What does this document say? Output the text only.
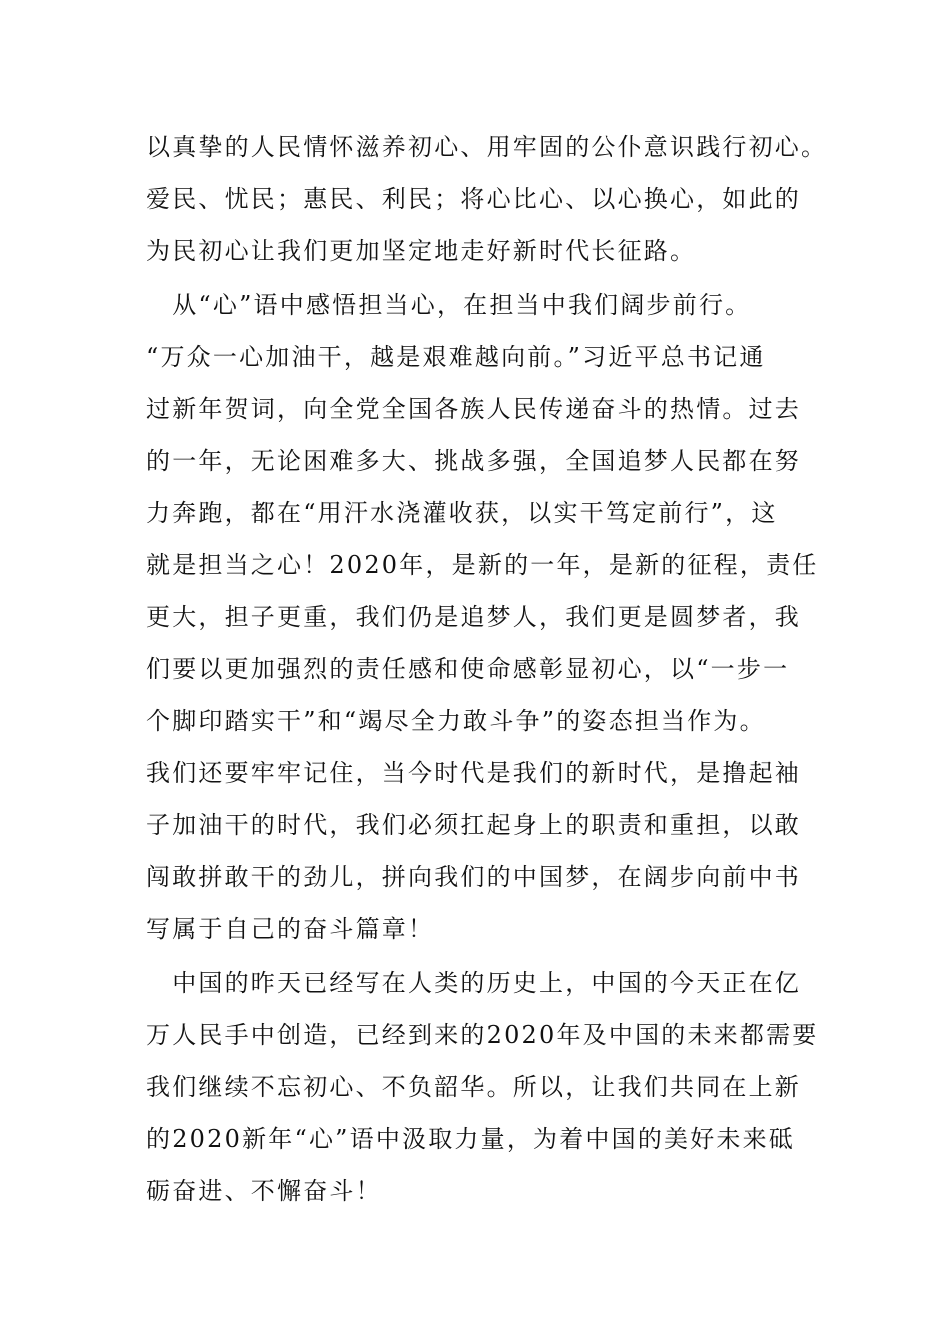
以真挚的人民情怀滋养初心、用牢固的公仆意识践行初心。
爱民、忧民；惠民、利民；将心比心、以心换心，如此的
为民初心让我们更加坚定地走好新时代长征路。
　从“心”语中感悟担当心，在担当中我们阔步前行。
“万众一心加油干，越是艰难越向前。”习近平总书记通
过新年贺词，向全党全国各族人民传递奋斗的热情。过去
的一年，无论困难多大、挑战多强，全国追梦人民都在努
力奔跑，都在“用汗水浇灌收获，以实干笃定前行”，这
就是担当之心！2020年，是新的一年，是新的征程，责任
更大，担子更重，我们仍是追梦人，我们更是圆梦者，我
们要以更加强烈的责任感和使命感彰显初心，以“一步一
个脚印踏实干”和“竭尽全力敢斗争”的姿态担当作为。
我们还要牢牢记住，当今时代是我们的新时代，是撸起袖
子加油干的时代，我们必须扛起身上的职责和重担，以敢
闯敢拼敢干的劲儿，拼向我们的中国梦，在阔步向前中书
写属于自己的奋斗篇章！
　中国的昨天已经写在人类的历史上，中国的今天正在亿
万人民手中创造，已经到来的2020年及中国的未来都需要
我们继续不忘初心、不负韶华。所以，让我们共同在上新
的2020新年“心”语中汲取力量，为着中国的美好未来砥
砺奋进、不懈奋斗！
